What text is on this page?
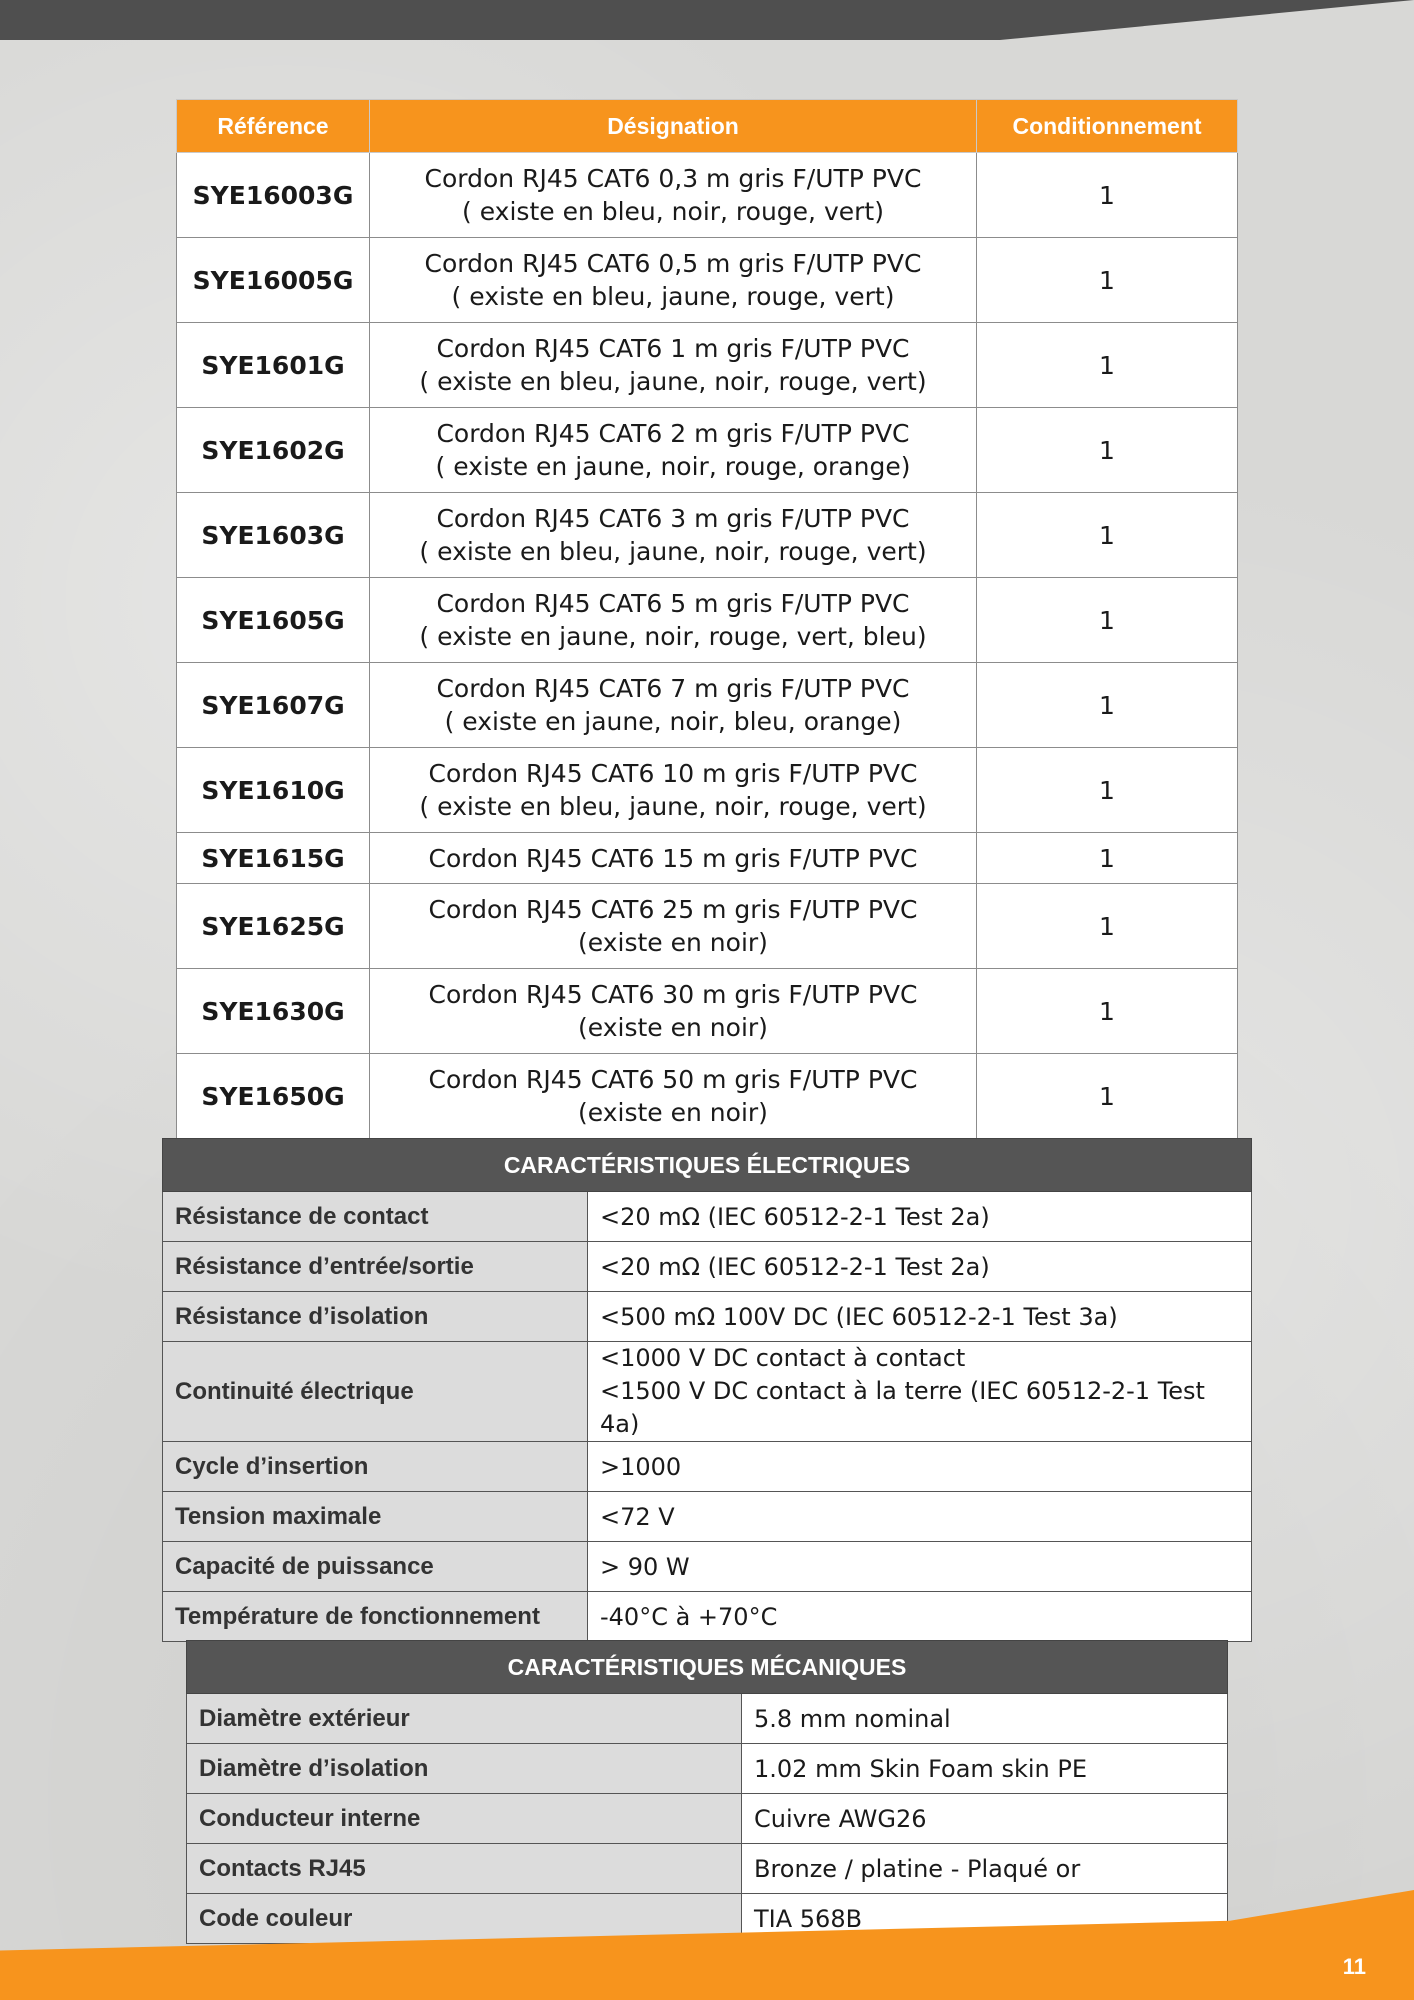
Référence	Désignation	Conditionnement
SYE16003G	Cordon RJ45 CAT6 0,3 m gris F/UTP PVC
( existe en bleu, noir, rouge, vert)	1
SYE16005G	Cordon RJ45 CAT6 0,5 m gris F/UTP PVC
( existe en bleu, jaune, rouge, vert)	1
SYE1601G	Cordon RJ45 CAT6 1 m gris F/UTP PVC
( existe en bleu, jaune, noir, rouge, vert)	1
SYE1602G	Cordon RJ45 CAT6 2 m gris F/UTP PVC
( existe en jaune, noir, rouge, orange)	1
SYE1603G	Cordon RJ45 CAT6 3 m gris F/UTP PVC
( existe en bleu, jaune, noir, rouge, vert)	1
SYE1605G	Cordon RJ45 CAT6 5 m gris F/UTP PVC
( existe en jaune, noir, rouge, vert, bleu)	1
SYE1607G	Cordon RJ45 CAT6 7 m gris F/UTP PVC
( existe en jaune, noir, bleu, orange)	1
SYE1610G	Cordon RJ45 CAT6 10 m gris F/UTP PVC
( existe en bleu, jaune, noir, rouge, vert)	1
SYE1615G	Cordon RJ45 CAT6 15 m gris F/UTP PVC	1
SYE1625G	Cordon RJ45 CAT6 25 m gris F/UTP PVC
(existe en noir)	1
SYE1630G	Cordon RJ45 CAT6 30 m gris F/UTP PVC
(existe en noir)	1
SYE1650G	Cordon RJ45 CAT6 50 m gris F/UTP PVC
(existe en noir)	1
CARACTÉRISTIQUES ÉLECTRIQUES	
Résistance de contact	<20 mΩ (IEC 60512-2-1 Test 2a)

Résistance d’entrée/sortie	<20 mΩ (IEC 60512-2-1 Test 2a)

Résistance d’isolation	<500 mΩ 100V DC (IEC 60512-2-1 Test 3a)

Continuité électrique	<1000 V DC contact à contact
<1500 V DC contact à la terre (IEC 60512-2-1 Test 4a)

Cycle d’insertion	>1000

Tension maximale	<72 V

Capacité de puissance	> 90 W

Température de fonctionnement	-40°C à +70°C
CARACTÉRISTIQUES MÉCANIQUES	
Diamètre extérieur	5.8 mm nominal
Diamètre d’isolation	1.02 mm Skin Foam skin PE
Conducteur interne	Cuivre AWG26
Contacts RJ45	Bronze / platine - Plaqué or
Code couleur	TIA 568B
11
